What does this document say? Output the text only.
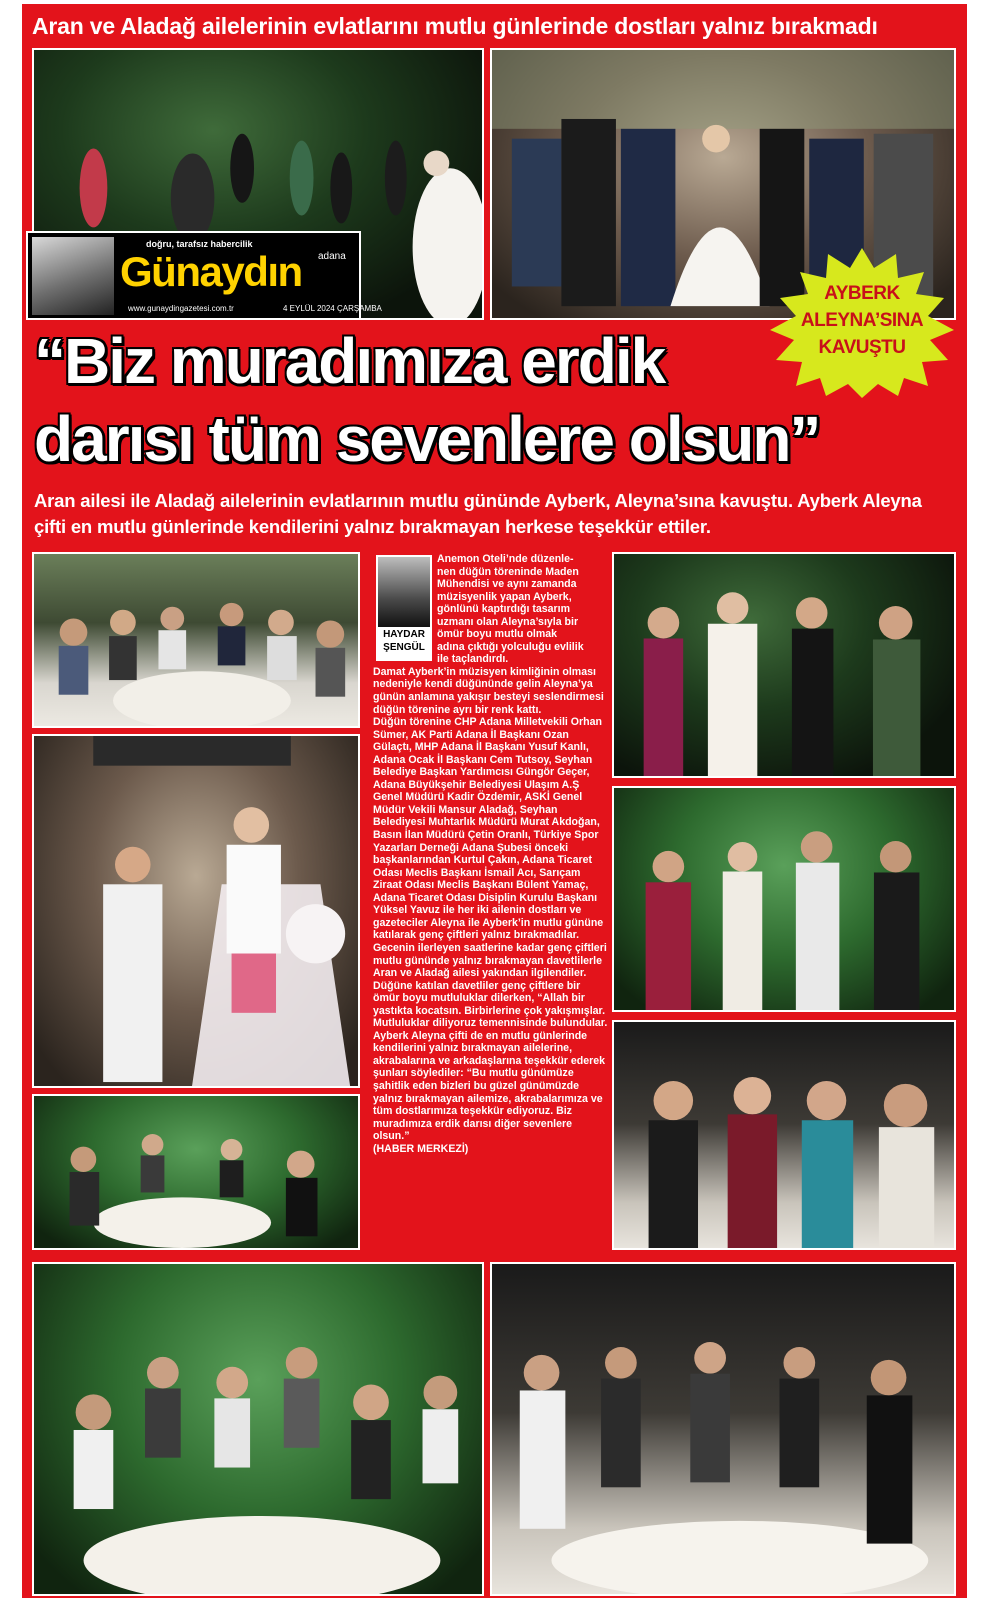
Aran ve Aladağ ailelerinin evlatlarını mutlu günlerinde dostları yalnız bırakmadı
doğru, tarafsız habercilik
adana
Günaydın
www.gunaydingazetesi.com.tr	4 EYLÜL 2024 ÇARŞAMBA
AYBERK
ALEYNA’SINA
KAVUŞTU
“Biz muradımıza erdik
darısı tüm sevenlere olsun”
Aran ailesi ile Aladağ ailelerinin evlatlarının mutlu gününde Ayberk, Aleyna’sına kavuştu. Ayberk Aleyna çifti en mutlu günlerinde kendilerini yalnız bırakmayan herkese teşekkür ettiler.
HAYDAR
ŞENGÜL

Anemon Oteli’nde düzenle-

nen düğün töreninde Maden

Mühendisi ve aynı zamanda

müzisyenlik yapan Ayberk,

gönlünü kaptırdığı tasarım

uzmanı olan Aleyna’sıyla bir

ömür boyu mutlu olmak

adına çıktığı yolculuğu evlilik

ile taçlandırdı.

Damat Ayberk’in müzisyen kimliğinin olması nedeniyle kendi düğününde gelin Aleyna’ya günün anlamına yakışır besteyi seslendirmesi düğün törenine ayrı bir renk kattı.

Düğün törenine CHP Adana Milletvekili Orhan Sümer, AK Parti Adana İl Başkanı Ozan Gülaçtı, MHP Adana İl Başkanı Yusuf Kanlı, Adana Ocak İl Başkanı Cem Tutsoy, Seyhan Belediye Başkan Yardımcısı Güngör Geçer, Adana Büyükşehir Belediyesi Ulaşım A.Ş Genel Müdürü Kadir Özdemir, ASKİ Genel Müdür Vekili Mansur Aladağ, Seyhan Belediyesi Muhtarlık Müdürü Murat Akdoğan, Basın İlan Müdürü Çetin Oranlı, Türkiye Spor Yazarları Derneği Adana Şubesi önceki başkanlarından Kurtul Çakın, Adana Ticaret Odası Meclis Başkanı İsmail Acı, Sarıçam Ziraat Odası Meclis Başkanı Bülent Yamaç, Adana Ticaret Odası Disiplin Kurulu Başkanı Yüksel Yavuz ile her iki ailenin dostları ve gazeteciler Aleyna ile Ayberk’in mutlu gününe katılarak genç çiftleri yalnız bırakmadılar.

Gecenin ilerleyen saatlerine kadar genç çiftleri mutlu gününde yalnız bırakmayan davetlilerle Aran ve Aladağ ailesi yakından ilgilendiler.

Düğüne katılan davetliler genç çiftlere bir ömür boyu mutluluklar dilerken, “Allah bir yastıkta kocatsın. Birbirlerine çok yakışmışlar. Mutluluklar diliyoruz temennisinde bulundular.

Ayberk Aleyna çifti de en mutlu günlerinde kendilerini yalnız bırakmayan ailelerine, akrabalarına ve arkadaşlarına teşekkür ederek şunları söylediler: “Bu mutlu günümüze şahitlik eden bizleri bu güzel günümüzde yalnız bırakmayan ailemize, akrabalarımıza ve tüm dostlarımıza teşekkür ediyoruz. Biz muradımıza erdik darısı diğer sevenlere olsun.”

(HABER MERKEZİ)
